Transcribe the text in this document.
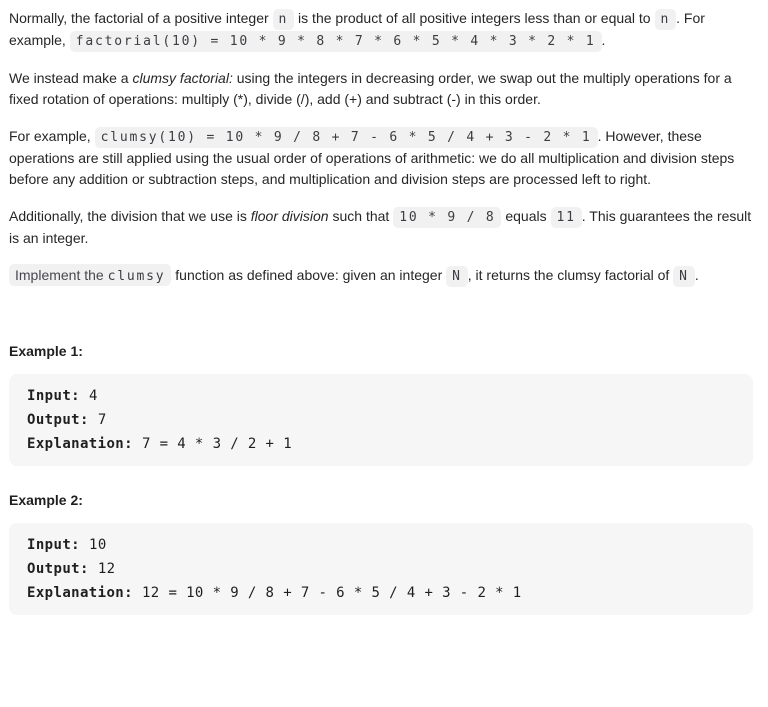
Normally, the factorial of a positive integer n is the product of all positive integers less than or equal to n . For example, factorial(10) = 10 * 9 * 8 * 7 * 6 * 5 * 4 * 3 * 2 * 1 .

We instead make a clumsy factorial: using the integers in decreasing order, we swap out the multiply operations for a fixed rotation of operations: multiply (*), divide (/), add (+) and subtract (-) in this order.

For example, clumsy(10) = 10 * 9 / 8 + 7 - 6 * 5 / 4 + 3 - 2 * 1 . However, these operations are still applied using the usual order of operations of arithmetic: we do all multiplication and division steps before any addition or subtraction steps, and multiplication and division steps are processed left to right.

Additionally, the division that we use is floor division such that 10 * 9 / 8 equals 11 . This guarantees the result is an integer.

Implement the clumsy function as defined above: given an integer N , it returns the clumsy factorial of N .

Example 1:

Input: 4
Output: 7
Explanation: 7 = 4 * 3 / 2 + 1

Example 2:

Input: 10
Output: 12
Explanation: 12 = 10 * 9 / 8 + 7 - 6 * 5 / 4 + 3 - 2 * 1
